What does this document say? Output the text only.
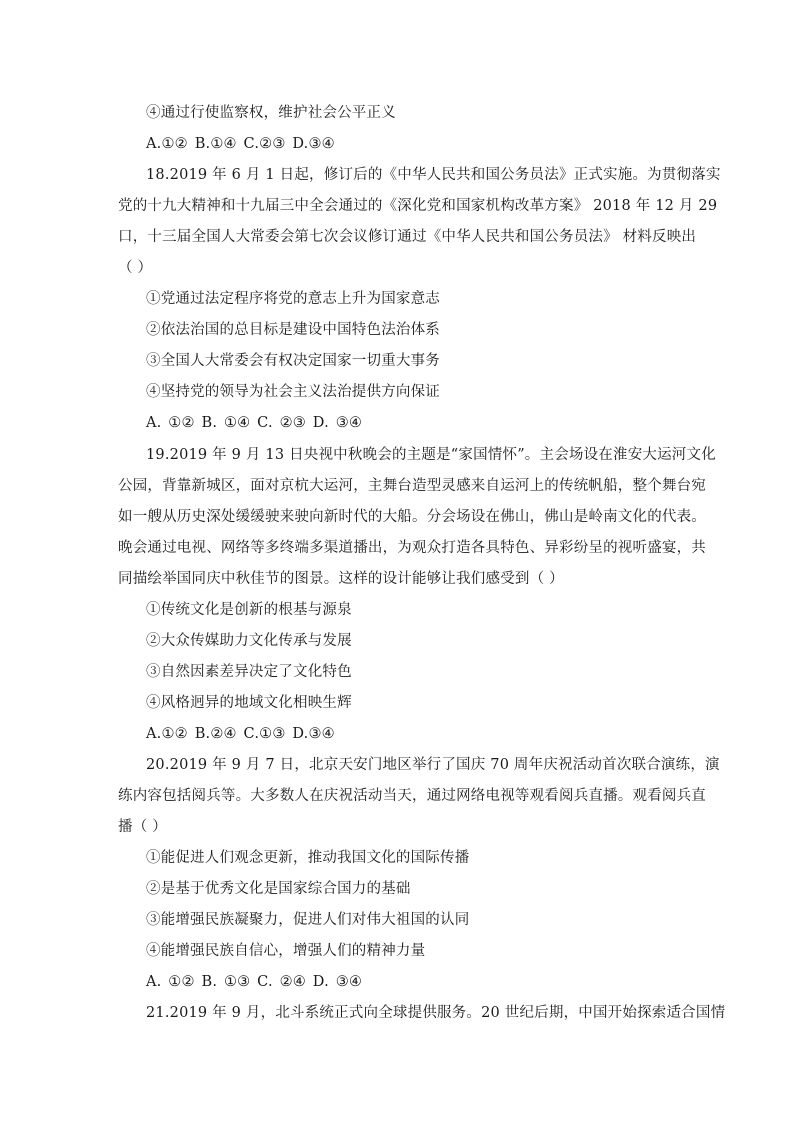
④通过行使监察权，维护社会公平正义
A.①② B.①④ C.②③ D.③④
18.2019 年 6 月 1 日起，修订后的《中华人民共和国公务员法》正式实施。为贯彻落实
党的十九大精神和十九届三中全会通过的《深化党和国家机构改革方案》 2018 年 12 月 29
口，十三届全国人大常委会第七次会议修订通过《中华人民共和国公务员法》 材料反映出
（ ）
①党通过法定程序将党的意志上升为国家意志
②依法治国的总目标是建设中国特色法治体系
③全国人大常委会有权决定国家一切重大事务
④坚持党的领导为社会主义法治提供方向保证
A. ①② B. ①④ C. ②③ D. ③④
19.2019 年 9 月 13 日央视中秋晚会的主题是“家国情怀”。主会场设在淮安大运河文化
公园，背靠新城区，面对京杭大运河，主舞台造型灵感来自运河上的传统帆船，整个舞台宛
如一艘从历史深处缓缓驶来驶向新时代的大船。分会场设在佛山，佛山是岭南文化的代表。
晚会通过电视、网络等多终端多渠道播出，为观众打造各具特色、异彩纷呈的视听盛宴，共
同描绘举国同庆中秋佳节的图景。这样的设计能够让我们感受到（ ）
①传统文化是创新的根基与源泉
②大众传媒助力文化传承与发展
③自然因素差异决定了文化特色
④风格迥异的地域文化相映生辉
A.①② B.②④ C.①③ D.③④
20.2019 年 9 月 7 日，北京天安门地区举行了国庆 70 周年庆祝活动首次联合演练，演
练内容包括阅兵等。大多数人在庆祝活动当天，通过网络电视等观看阅兵直播。观看阅兵直
播（ ）
①能促进人们观念更新，推动我国文化的国际传播
②是基于优秀文化是国家综合国力的基础
③能增强民族凝聚力，促进人们对伟大祖国的认同
④能增强民族自信心，增强人们的精神力量
A. ①② B. ①③ C. ②④ D. ③④
21.2019 年 9 月，北斗系统正式向全球提供服务。20 世纪后期，中国开始探索适合国情
